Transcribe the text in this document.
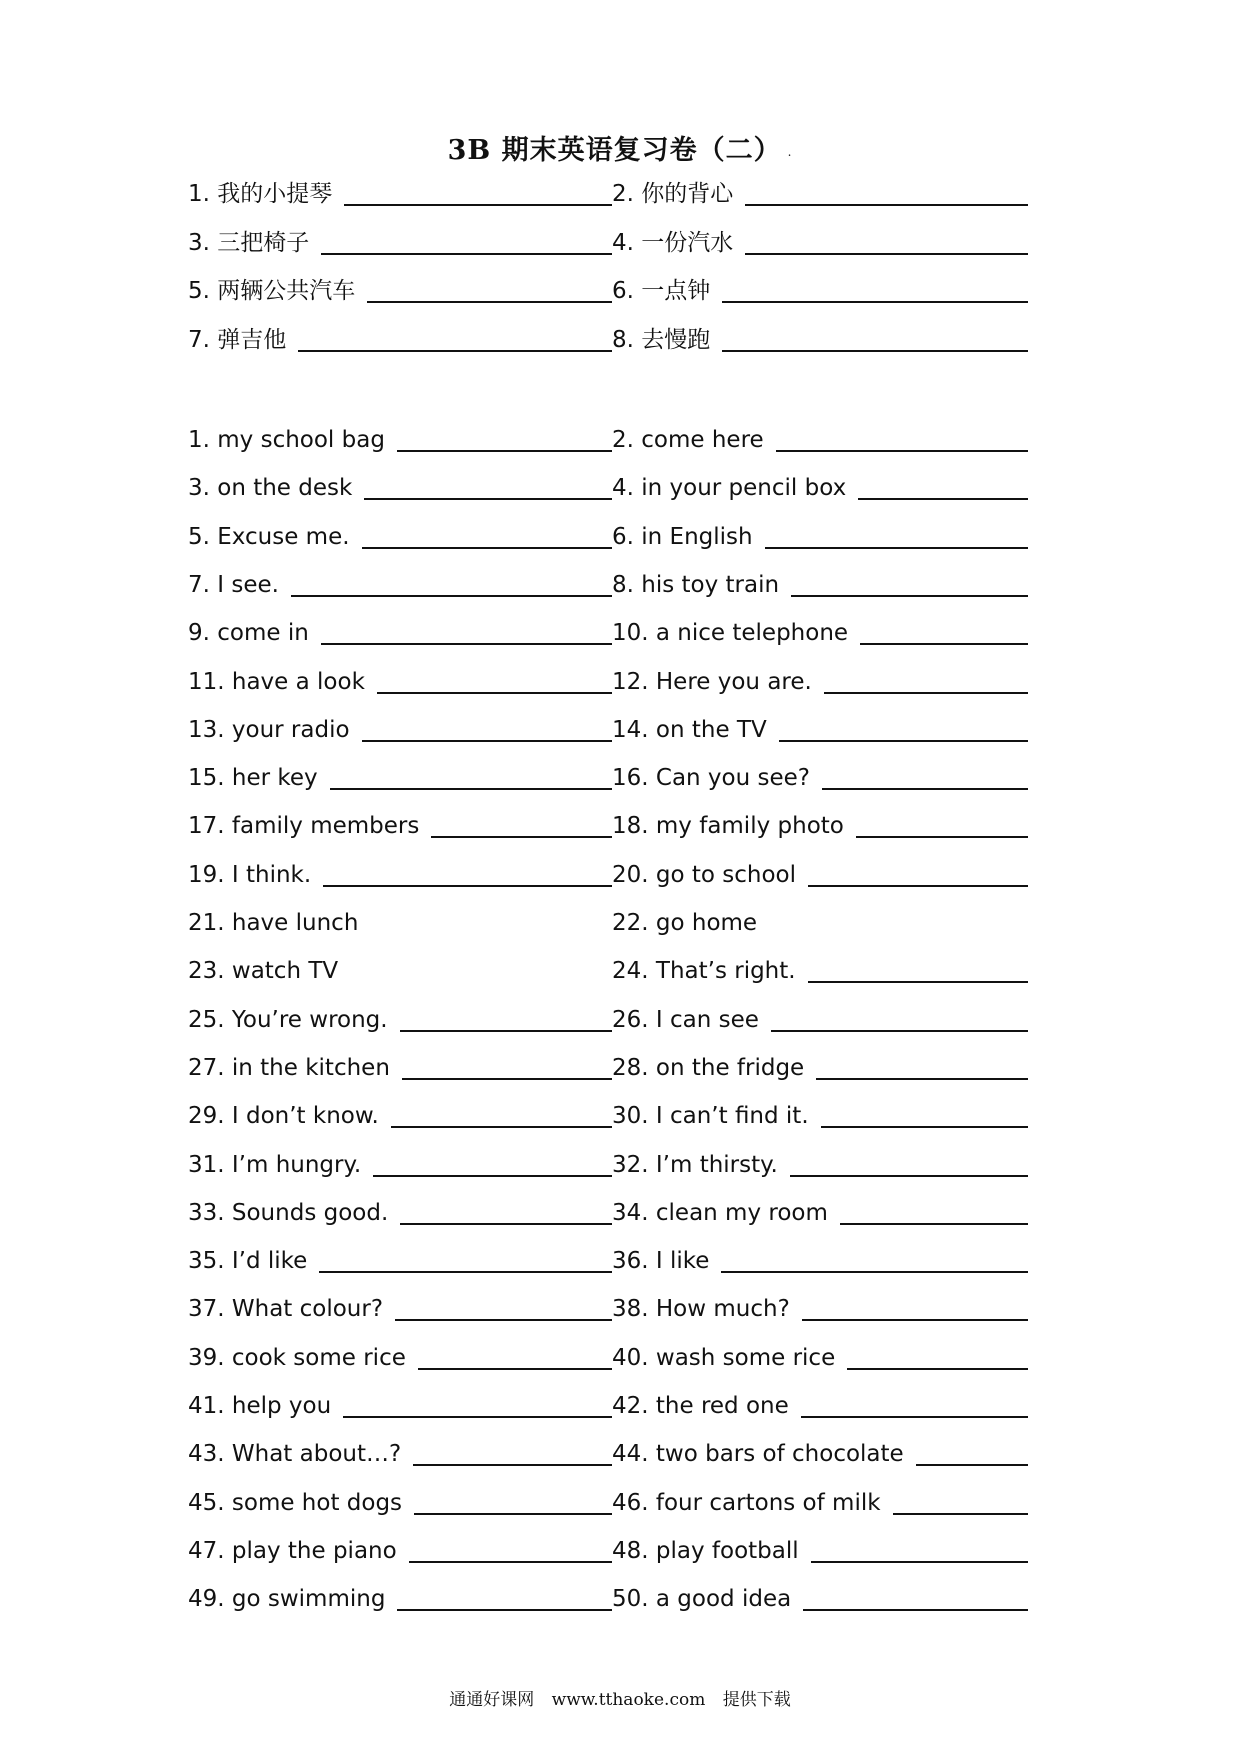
3B 期末英语复习卷（二） .
1. 我的小提琴	2. 你的背心
3. 三把椅子	4. 一份汽水
5. 两辆公共汽车	6. 一点钟
7. 弹吉他	8. 去慢跑
1. my school bag	2. come here
3. on the desk	4. in your pencil box
5. Excuse me.	6. in English
7. I see.	8. his toy train
9. come in	10. a nice telephone
11. have a look	12. Here you are.
13. your radio	14. on the TV
15. her key	16. Can you see?
17. family members	18. my family photo
19. I think.	20. go to school
21. have lunch	22. go home
23. watch TV	24. That’s right.
25. You’re wrong.	26. I can see
27. in the kitchen	28. on the fridge
29. I don’t know.	30. I can’t find it.
31. I’m hungry.	32. I’m thirsty.
33. Sounds good.	34. clean my room
35. I’d like	36. I like
37. What colour?	38. How much?
39. cook some rice	40. wash some rice
41. help you	42. the red one
43. What about…?	44. two bars of chocolate
45. some hot dogs	46. four cartons of milk
47. play the piano	48. play football
49. go swimming	50. a good idea
通通好课网 www.tthaoke.com 提供下载
